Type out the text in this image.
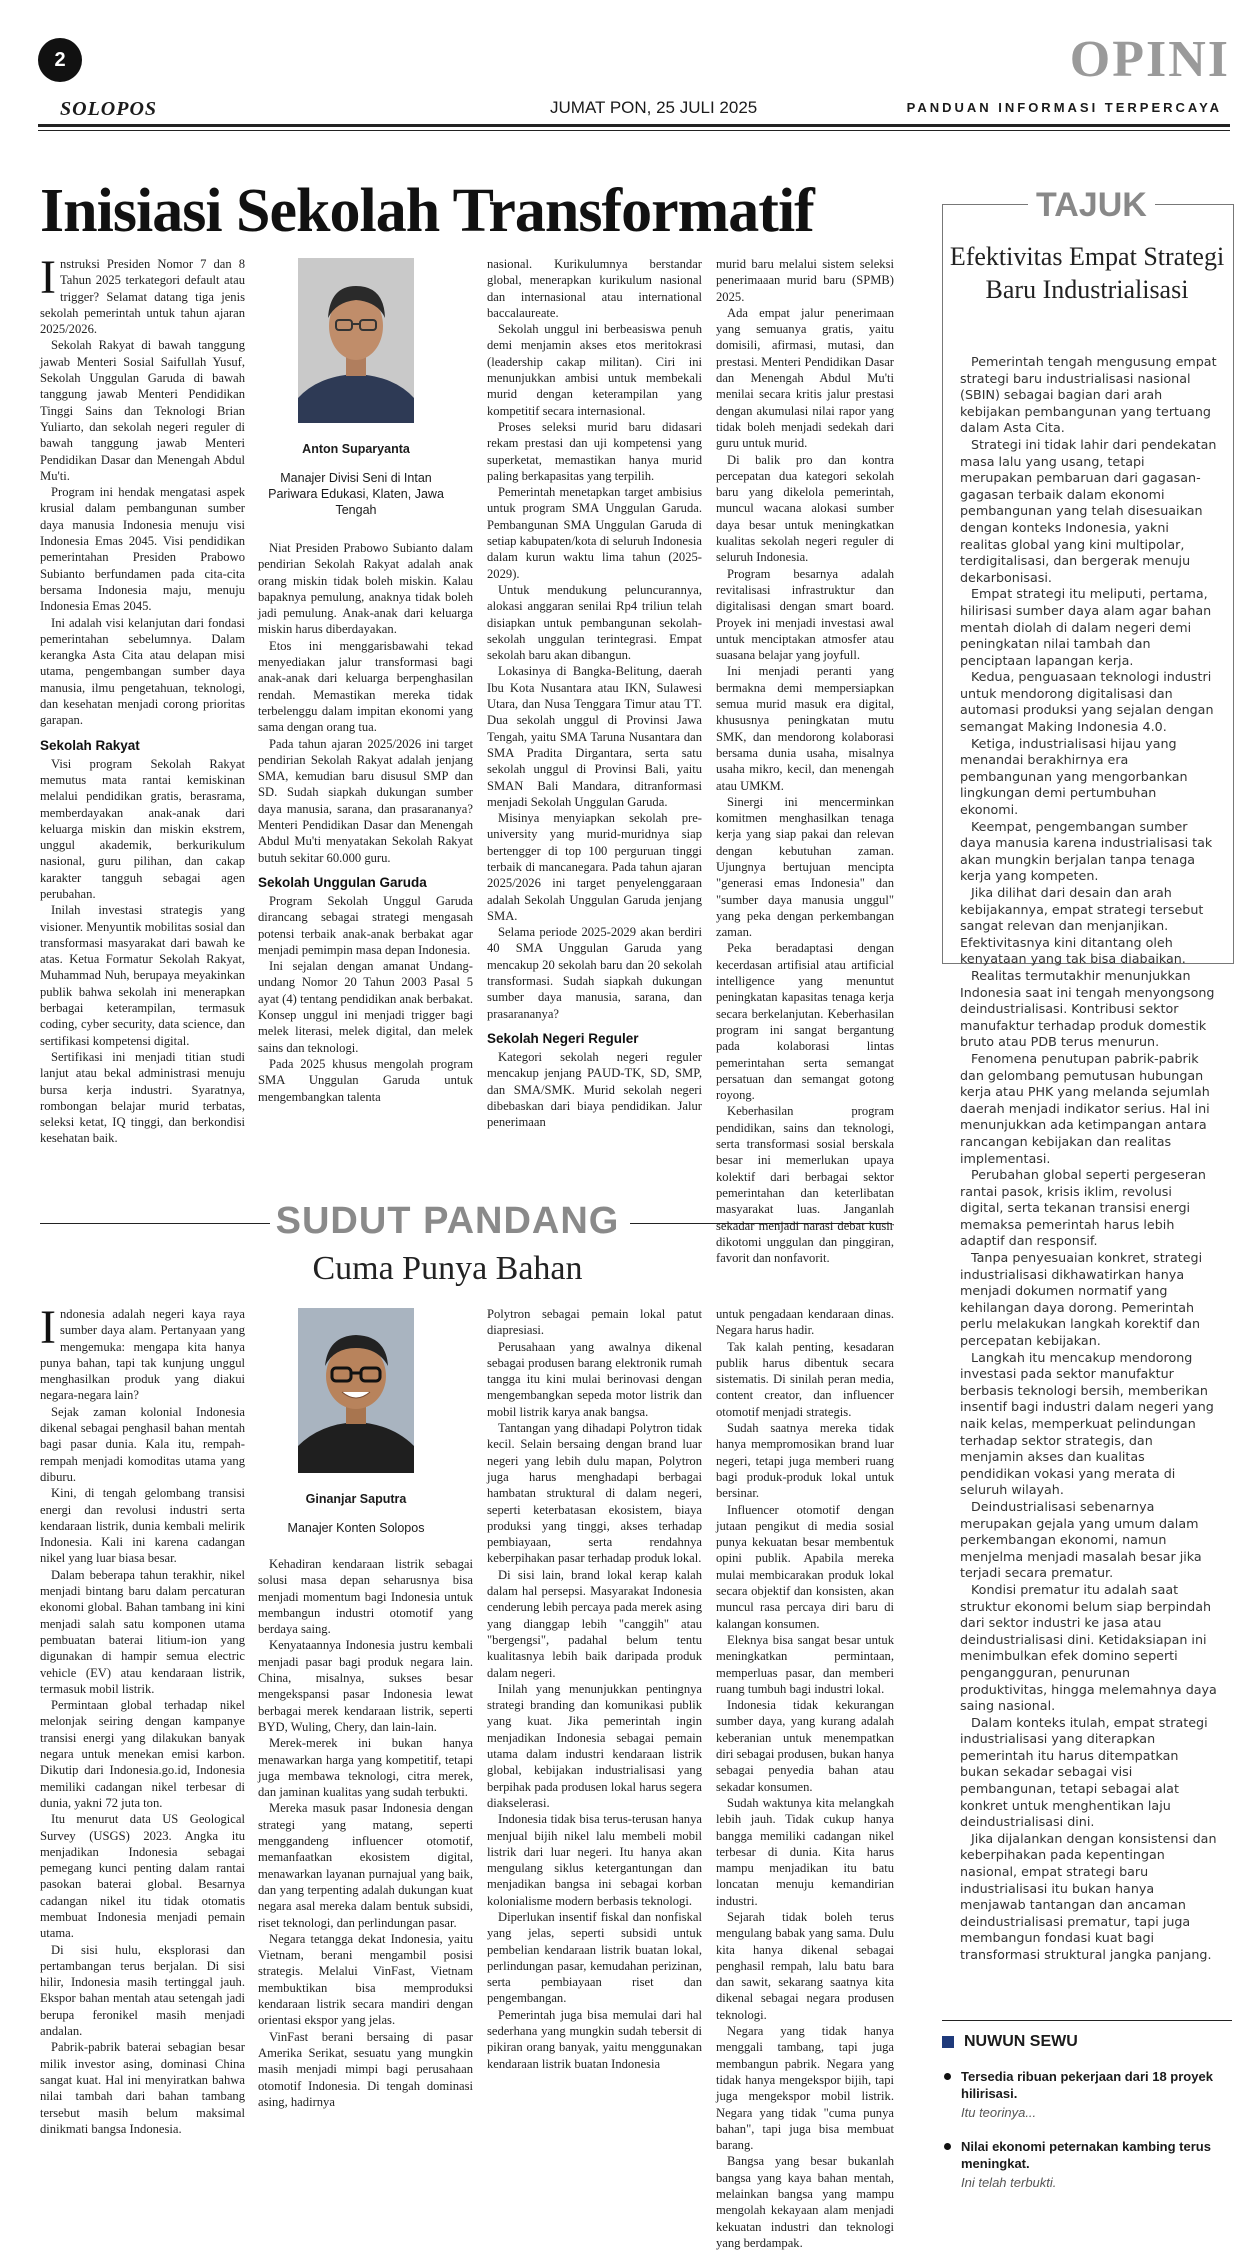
2	OPINI
SOLOPOS	JUMAT PON, 25 JULI 2025	PANDUAN INFORMASI TERPERCAYA
Inisiasi Sekolah Transformatif

Instruksi Presiden Nomor 7 dan 8 Tahun 2025 terkategori default atau trigger? Selamat datang tiga jenis sekolah pemerintah untuk tahun ajaran 2025/2026.

Sekolah Rakyat di bawah tanggung jawab Menteri Sosial Saifullah Yusuf, Sekolah Unggulan Garuda di bawah tanggung jawab Menteri Pendidikan Tinggi Sains dan Teknologi Brian Yuliarto, dan sekolah negeri reguler di bawah tanggung jawab Menteri Pendidikan Dasar dan Menengah Abdul Mu'ti.

Program ini hendak mengatasi aspek krusial dalam pembangunan sumber daya manusia Indonesia menuju visi Indonesia Emas 2045. Visi pendidikan pemerintahan Presiden Prabowo Subianto berfundamen pada cita-cita bersama Indonesia maju, menuju Indonesia Emas 2045.

Ini adalah visi kelanjutan dari fondasi pemerintahan sebelumnya. Dalam kerangka Asta Cita atau delapan misi utama, pengembangan sumber daya manusia, ilmu pengetahuan, teknologi, dan kesehatan menjadi corong prioritas garapan.

Sekolah Rakyat

Visi program Sekolah Rakyat memutus mata rantai kemiskinan melalui pendidikan gratis, berasrama, memberdayakan anak-anak dari keluarga miskin dan miskin ekstrem, unggul akademik, berkurikulum nasional, guru pilihan, dan cakap karakter tangguh sebagai agen perubahan.

Inilah investasi strategis yang visioner. Menyuntik mobilitas sosial dan transformasi masyarakat dari bawah ke atas. Ketua Formatur Sekolah Rakyat, Muhammad Nuh, berupaya meyakinkan publik bahwa sekolah ini menerapkan berbagai keterampilan, termasuk coding, cyber security, data science, dan sertifikasi kompetensi digital.

Sertifikasi ini menjadi titian studi lanjut atau bekal administrasi menuju bursa kerja industri. Syaratnya, rombongan belajar murid terbatas, seleksi ketat, IQ tinggi, dan berkondisi kesehatan baik.

Anton Suparyanta
Manajer Divisi Seni di Intan Pariwara Edukasi, Klaten, Jawa Tengah

Niat Presiden Prabowo Subianto dalam pendirian Sekolah Rakyat adalah anak orang miskin tidak boleh miskin. Kalau bapaknya pemulung, anaknya tidak boleh jadi pemulung. Anak-anak dari keluarga miskin harus diberdayakan.

Etos ini menggarisbawahi tekad menyediakan jalur transformasi bagi anak-anak dari keluarga berpenghasilan rendah. Memastikan mereka tidak terbelenggu dalam impitan ekonomi yang sama dengan orang tua.

Pada tahun ajaran 2025/2026 ini target pendirian Sekolah Rakyat adalah jenjang SMA, kemudian baru disusul SMP dan SD. Sudah siapkah dukungan sumber daya manusia, sarana, dan prasarananya? Menteri Pendidikan Dasar dan Menengah Abdul Mu'ti menyatakan Sekolah Rakyat butuh sekitar 60.000 guru.

Sekolah Unggulan Garuda

Program Sekolah Unggul Garuda dirancang sebagai strategi mengasah potensi terbaik anak-anak berbakat agar menjadi pemimpin masa depan Indonesia.

Ini sejalan dengan amanat Undang-undang Nomor 20 Tahun 2003 Pasal 5 ayat (4) tentang pendidikan anak berbakat. Konsep unggul ini menjadi trigger bagi melek literasi, melek digital, dan melek sains dan teknologi.

Pada 2025 khusus mengolah program SMA Unggulan Garuda untuk mengembangkan talenta

nasional. Kurikulumnya berstandar global, menerapkan kurikulum nasional dan internasional atau international baccalaureate.

Sekolah unggul ini berbeasiswa penuh demi menjamin akses etos meritokrasi (leadership cakap militan). Ciri ini menunjukkan ambisi untuk membekali murid dengan keterampilan yang kompetitif secara internasional.

Proses seleksi murid baru didasari rekam prestasi dan uji kompetensi yang superketat, memastikan hanya murid paling berkapasitas yang terpilih.

Pemerintah menetapkan target ambisius untuk program SMA Unggulan Garuda. Pembangunan SMA Unggulan Garuda di setiap kabupaten/kota di seluruh Indonesia dalam kurun waktu lima tahun (2025-2029).

Untuk mendukung peluncurannya, alokasi anggaran senilai Rp4 triliun telah disiapkan untuk pembangunan sekolah-sekolah unggulan terintegrasi. Empat sekolah baru akan dibangun.

Lokasinya di Bangka-Belitung, daerah Ibu Kota Nusantara atau IKN, Sulawesi Utara, dan Nusa Tenggara Timur atau TT. Dua sekolah unggul di Provinsi Jawa Tengah, yaitu SMA Taruna Nusantara dan SMA Pradita Dirgantara, serta satu sekolah unggul di Provinsi Bali, yaitu SMAN Bali Mandara, ditranformasi menjadi Sekolah Unggulan Garuda.

Misinya menyiapkan sekolah pre-university yang murid-muridnya siap bertengger di top 100 perguruan tinggi terbaik di mancanegara. Pada tahun ajaran 2025/2026 ini target penyelenggaraan adalah Sekolah Unggulan Garuda jenjang SMA.

Selama periode 2025-2029 akan berdiri 40 SMA Unggulan Garuda yang mencakup 20 sekolah baru dan 20 sekolah transformasi. Sudah siapkah dukungan sumber daya manusia, sarana, dan prasarananya?

Sekolah Negeri Reguler

Kategori sekolah negeri reguler mencakup jenjang PAUD-TK, SD, SMP, dan SMA/SMK. Murid sekolah negeri dibebaskan dari biaya pendidikan. Jalur penerimaan

murid baru melalui sistem seleksi penerimaaan murid baru (SPMB) 2025.

Ada empat jalur penerimaan yang semuanya gratis, yaitu domisili, afirmasi, mutasi, dan prestasi. Menteri Pendidikan Dasar dan Menengah Abdul Mu'ti menilai secara kritis jalur prestasi dengan akumulasi nilai rapor yang tidak boleh menjadi sedekah dari guru untuk murid.

Di balik pro dan kontra percepatan dua kategori sekolah baru yang dikelola pemerintah, muncul wacana alokasi sumber daya besar untuk meningkatkan kualitas sekolah negeri reguler di seluruh Indonesia.

Program besarnya adalah revitalisasi infrastruktur dan digitalisasi dengan smart board. Proyek ini menjadi investasi awal untuk menciptakan atmosfer atau suasana belajar yang joyfull.

Ini menjadi peranti yang bermakna demi mempersiapkan semua murid masuk era digital, khususnya peningkatan mutu SMK, dan mendorong kolaborasi bersama dunia usaha, misalnya usaha mikro, kecil, dan menengah atau UMKM.

Sinergi ini mencerminkan komitmen menghasilkan tenaga kerja yang siap pakai dan relevan dengan kebutuhan zaman. Ujungnya bertujuan mencipta "generasi emas Indonesia" dan "sumber daya manusia unggul" yang peka dengan perkembangan zaman.

Peka beradaptasi dengan kecerdasan artifisial atau artificial intelligence yang menuntut peningkatan kapasitas tenaga kerja secara berkelanjutan. Keberhasilan program ini sangat bergantung pada kolaborasi lintas pemerintahan serta semangat persatuan dan semangat gotong royong.

Keberhasilan program pendidikan, sains dan teknologi, serta transformasi sosial berskala besar ini memerlukan upaya kolektif dari berbagai sektor pemerintahan dan keterlibatan masyarakat luas. Janganlah sekadar menjadi narasi debat kusir dikotomi unggulan dan pinggiran, favorit dan nonfavorit.

SUDUT PANDANG
Cuma Punya Bahan

Indonesia adalah negeri kaya raya sumber daya alam. Pertanyaan yang mengemuka: mengapa kita hanya punya bahan, tapi tak kunjung unggul menghasilkan produk yang diakui negara-negara lain?

Sejak zaman kolonial Indonesia dikenal sebagai penghasil bahan mentah bagi pasar dunia. Kala itu, rempah-rempah menjadi komoditas utama yang diburu.

Kini, di tengah gelombang transisi energi dan revolusi industri serta kendaraan listrik, dunia kembali melirik Indonesia. Kali ini karena cadangan nikel yang luar biasa besar.

Dalam beberapa tahun terakhir, nikel menjadi bintang baru dalam percaturan ekonomi global. Bahan tambang ini kini menjadi salah satu komponen utama pembuatan baterai litium-ion yang digunakan di hampir semua electric vehicle (EV) atau kendaraan listrik, termasuk mobil listrik.

Permintaan global terhadap nikel melonjak seiring dengan kampanye transisi energi yang dilakukan banyak negara untuk menekan emisi karbon. Dikutip dari Indonesia.go.id, Indonesia memiliki cadangan nikel terbesar di dunia, yakni 72 juta ton.

Itu menurut data US Geological Survey (USGS) 2023. Angka itu menjadikan Indonesia sebagai pemegang kunci penting dalam rantai pasokan baterai global. Besarnya cadangan nikel itu tidak otomatis membuat Indonesia menjadi pemain utama.

Di sisi hulu, eksplorasi dan pertambangan terus berjalan. Di sisi hilir, Indonesia masih tertinggal jauh. Ekspor bahan mentah atau setengah jadi berupa feronikel masih menjadi andalan.

Pabrik-pabrik baterai sebagian besar milik investor asing, dominasi China sangat kuat. Hal ini menyiratkan bahwa nilai tambah dari bahan tambang tersebut masih belum maksimal dinikmati bangsa Indonesia.

Ginanjar Saputra
Manajer Konten Solopos

Kehadiran kendaraan listrik sebagai solusi masa depan seharusnya bisa menjadi momentum bagi Indonesia untuk membangun industri otomotif yang berdaya saing.

Kenyataannya Indonesia justru kembali menjadi pasar bagi produk negara lain. China, misalnya, sukses besar mengekspansi pasar Indonesia lewat berbagai merek kendaraan listrik, seperti BYD, Wuling, Chery, dan lain-lain.

Merek-merek ini bukan hanya menawarkan harga yang kompetitif, tetapi juga membawa teknologi, citra merek, dan jaminan kualitas yang sudah terbukti.

Mereka masuk pasar Indonesia dengan strategi yang matang, seperti menggandeng influencer otomotif, memanfaatkan ekosistem digital, menawarkan layanan purnajual yang baik, dan yang terpenting adalah dukungan kuat negara asal mereka dalam bentuk subsidi, riset teknologi, dan perlindungan pasar.

Negara tetangga dekat Indonesia, yaitu Vietnam, berani mengambil posisi strategis. Melalui VinFast, Vietnam membuktikan bisa memproduksi kendaraan listrik secara mandiri dengan orientasi ekspor yang jelas.

VinFast berani bersaing di pasar Amerika Serikat, sesuatu yang mungkin masih menjadi mimpi bagi perusahaan otomotif Indonesia. Di tengah dominasi asing, hadirnya

Polytron sebagai pemain lokal patut diapresiasi.

Perusahaan yang awalnya dikenal sebagai produsen barang elektronik rumah tangga itu kini mulai berinovasi dengan mengembangkan sepeda motor listrik dan mobil listrik karya anak bangsa.

Tantangan yang dihadapi Polytron tidak kecil. Selain bersaing dengan brand luar negeri yang lebih dulu mapan, Polytron juga harus menghadapi berbagai hambatan struktural di dalam negeri, seperti keterbatasan ekosistem, biaya produksi yang tinggi, akses terhadap pembiayaan, serta rendahnya keberpihakan pasar terhadap produk lokal.

Di sisi lain, brand lokal kerap kalah dalam hal persepsi. Masyarakat Indonesia cenderung lebih percaya pada merek asing yang dianggap lebih "canggih" atau "bergengsi", padahal belum tentu kualitasnya lebih baik daripada produk dalam negeri.

Inilah yang menunjukkan pentingnya strategi branding dan komunikasi publik yang kuat. Jika pemerintah ingin menjadikan Indonesia sebagai pemain utama dalam industri kendaraan listrik global, kebijakan industrialisasi yang berpihak pada produsen lokal harus segera diakselerasi.

Indonesia tidak bisa terus-terusan hanya menjual bijih nikel lalu membeli mobil listrik dari luar negeri. Itu hanya akan mengulang siklus ketergantungan dan menjadikan bangsa ini sebagai korban kolonialisme modern berbasis teknologi.

Diperlukan insentif fiskal dan nonfiskal yang jelas, seperti subsidi untuk pembelian kendaraan listrik buatan lokal, perlindungan pasar, kemudahan perizinan, serta pembiayaan riset dan pengembangan.

Pemerintah juga bisa memulai dari hal sederhana yang mungkin sudah tebersit di pikiran orang banyak, yaitu menggunakan kendaraan listrik buatan Indonesia

untuk pengadaan kendaraan dinas. Negara harus hadir.

Tak kalah penting, kesadaran publik harus dibentuk secara sistematis. Di sinilah peran media, content creator, dan influencer otomotif menjadi strategis.

Sudah saatnya mereka tidak hanya mempromosikan brand luar negeri, tetapi juga memberi ruang bagi produk-produk lokal untuk bersinar.

Influencer otomotif dengan jutaan pengikut di media sosial punya kekuatan besar membentuk opini publik. Apabila mereka mulai membicarakan produk lokal secara objektif dan konsisten, akan muncul rasa percaya diri baru di kalangan konsumen.

Eleknya bisa sangat besar untuk meningkatkan permintaan, memperluas pasar, dan memberi ruang tumbuh bagi industri lokal.

Indonesia tidak kekurangan sumber daya, yang kurang adalah keberanian untuk menempatkan diri sebagai produsen, bukan hanya sebagai penyedia bahan atau sekadar konsumen.

Sudah waktunya kita melangkah lebih jauh. Tidak cukup hanya bangga memiliki cadangan nikel terbesar di dunia. Kita harus mampu menjadikan itu batu loncatan menuju kemandirian industri.

Sejarah tidak boleh terus mengulang babak yang sama. Dulu kita hanya dikenal sebagai penghasil rempah, lalu batu bara dan sawit, sekarang saatnya kita dikenal sebagai negara produsen teknologi.

Negara yang tidak hanya menggali tambang, tapi juga membangun pabrik. Negara yang tidak hanya mengekspor bijih, tapi juga mengekspor mobil listrik. Negara yang tidak "cuma punya bahan", tapi juga bisa membuat barang.

Bangsa yang besar bukanlah bangsa yang kaya bahan mentah, melainkan bangsa yang mampu mengolah kekayaan alam menjadi kekuatan industri dan teknologi yang berdampak.

TAJUK
Efektivitas Empat Strategi Baru Industrialisasi

Pemerintah tengah mengusung empat strategi baru industrialisasi nasional (SBIN) sebagai bagian dari arah kebijakan pembangunan yang tertuang dalam Asta Cita.

Strategi ini tidak lahir dari pendekatan masa lalu yang usang, tetapi merupakan pembaruan dari gagasan-gagasan terbaik dalam ekonomi pembangunan yang telah disesuaikan dengan konteks Indonesia, yakni realitas global yang kini multipolar, terdigitalisasi, dan bergerak menuju dekarbonisasi.

Empat strategi itu meliputi, pertama, hilirisasi sumber daya alam agar bahan mentah diolah di dalam negeri demi peningkatan nilai tambah dan penciptaan lapangan kerja.

Kedua, penguasaan teknologi industri untuk mendorong digitalisasi dan automasi produksi yang sejalan dengan semangat Making Indonesia 4.0.

Ketiga, industrialisasi hijau yang menandai berakhirnya era pembangunan yang mengorbankan lingkungan demi pertumbuhan ekonomi.

Keempat, pengembangan sumber daya manusia karena industrialisasi tak akan mungkin berjalan tanpa tenaga kerja yang kompeten.

Jika dilihat dari desain dan arah kebijakannya, empat strategi tersebut sangat relevan dan menjanjikan. Efektivitasnya kini ditantang oleh kenyataan yang tak bisa diabaikan.

Realitas termutakhir menunjukkan Indonesia saat ini tengah menyongsong deindustrialisasi. Kontribusi sektor manufaktur terhadap produk domestik bruto atau PDB terus menurun.

Fenomena penutupan pabrik-pabrik dan gelombang pemutusan hubungan kerja atau PHK yang melanda sejumlah daerah menjadi indikator serius. Hal ini menunjukkan ada ketimpangan antara rancangan kebijakan dan realitas implementasi.

Perubahan global seperti pergeseran rantai pasok, krisis iklim, revolusi digital, serta tekanan transisi energi memaksa pemerintah harus lebih adaptif dan responsif.

Tanpa penyesuaian konkret, strategi industrialisasi dikhawatirkan hanya menjadi dokumen normatif yang kehilangan daya dorong. Pemerintah perlu melakukan langkah korektif dan percepatan kebijakan.

Langkah itu mencakup mendorong investasi pada sektor manufaktur berbasis teknologi bersih, memberikan insentif bagi industri dalam negeri yang naik kelas, memperkuat pelindungan terhadap sektor strategis, dan menjamin akses dan kualitas pendidikan vokasi yang merata di seluruh wilayah.

Deindustrialisasi sebenarnya merupakan gejala yang umum dalam perkembangan ekonomi, namun menjelma menjadi masalah besar jika terjadi secara prematur.

Kondisi prematur itu adalah saat struktur ekonomi belum siap berpindah dari sektor industri ke jasa atau deindustrialisasi dini. Ketidaksiapan ini menimbulkan efek domino seperti pengangguran, penurunan produktivitas, hingga melemahnya daya saing nasional.

Dalam konteks itulah, empat strategi industrialisasi yang diterapkan pemerintah itu harus ditempatkan bukan sekadar sebagai visi pembangunan, tetapi sebagai alat konkret untuk menghentikan laju deindustrialisasi dini.

Jika dijalankan dengan konsistensi dan keberpihakan pada kepentingan nasional, empat strategi baru industrialisasi itu bukan hanya menjawab tantangan dan ancaman deindustrialisasi prematur, tapi juga membangun fondasi kuat bagi transformasi struktural jangka panjang.

NUWUN SEWU
Tersedia ribuan pekerjaan dari 18 proyek hilirisasi.
Itu teorinya...
Nilai ekonomi peternakan kambing terus meningkat.
Ini telah terbukti.
